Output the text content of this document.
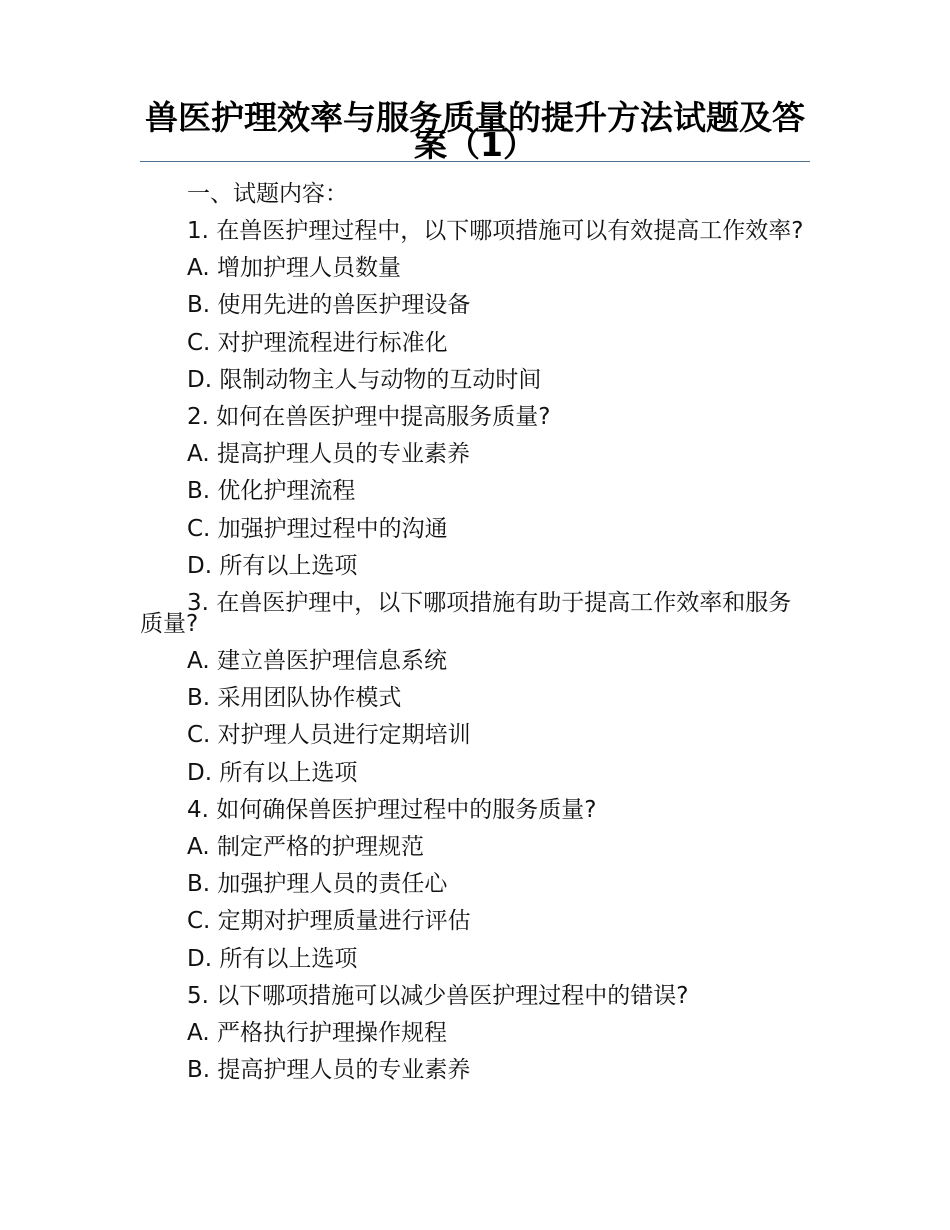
兽医护理效率与服务质量的提升方法试题及答案（1）
一、试题内容：
1. 在兽医护理过程中，以下哪项措施可以有效提高工作效率?
A. 增加护理人员数量
B. 使用先进的兽医护理设备
C. 对护理流程进行标准化
D. 限制动物主人与动物的互动时间
2. 如何在兽医护理中提高服务质量?
A. 提高护理人员的专业素养
B. 优化护理流程
C. 加强护理过程中的沟通
D. 所有以上选项
3. 在兽医护理中，以下哪项措施有助于提高工作效率和服务质量?
A. 建立兽医护理信息系统
B. 采用团队协作模式
C. 对护理人员进行定期培训
D. 所有以上选项
4. 如何确保兽医护理过程中的服务质量?
A. 制定严格的护理规范
B. 加强护理人员的责任心
C. 定期对护理质量进行评估
D. 所有以上选项
5. 以下哪项措施可以减少兽医护理过程中的错误?
A. 严格执行护理操作规程
B. 提高护理人员的专业素养
